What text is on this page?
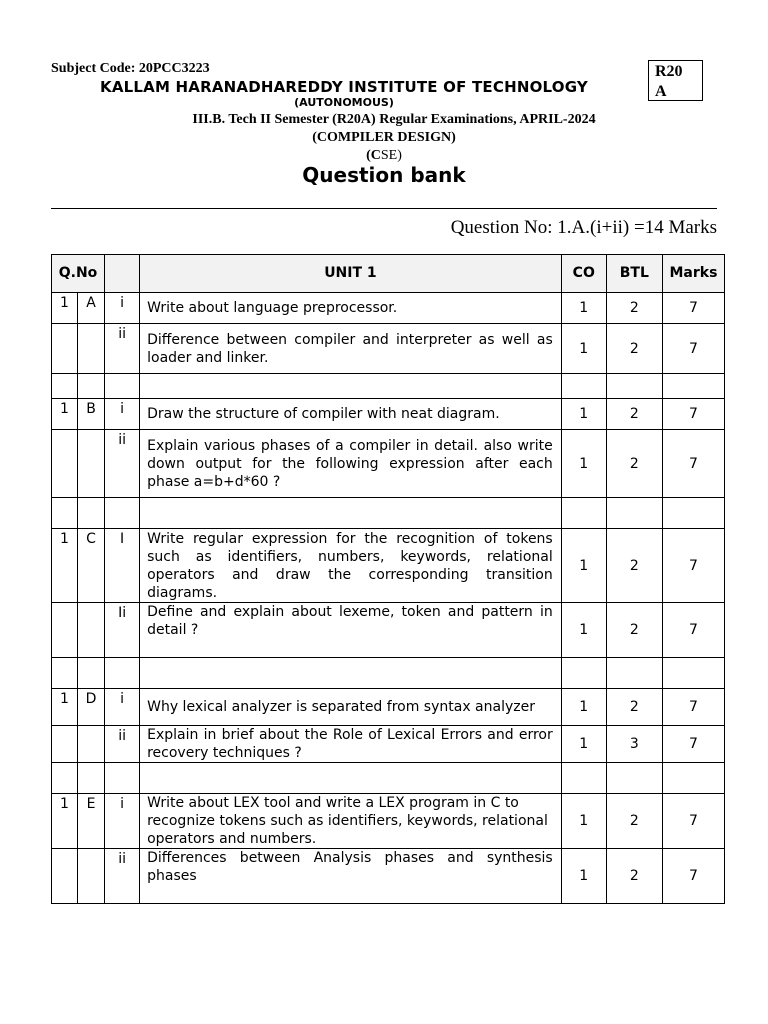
Subject Code: 20PCC3223	R20
A
KALLAM HARANADHAREDDY INSTITUTE OF TECHNOLOGY
(AUTONOMOUS)
III.B. Tech II Semester (R20A) Regular Examinations, APRIL-2024
(COMPILER DESIGN)
(CSE)
Question bank
Question No: 1.A.(i+ii) =14 Marks
Q.No			UNIT 1	CO	BTL	Marks
1	A	i	Write about language preprocessor.	1	2	7
		ii	Difference between compiler and interpreter as well as loader and linker.	1	2	7

1	B	i	Draw the structure of compiler with neat diagram.	1	2	7
		ii	Explain various phases of a compiler in detail. also write down output for the following expression after each phase a=b+d*60 ?	1	2	7

1	C	I	Write regular expression for the recognition of tokens such as identifiers, numbers, keywords, relational operators and draw the corresponding transition diagrams.	1	2	7
		Ii	Define and explain about lexeme, token and pattern in detail ?	1	2	7

1	D	i	Why lexical analyzer is separated from syntax analyzer	1	2	7
		ii	Explain in brief about the Role of Lexical Errors and error recovery techniques ?	1	3	7

1	E	i	Write about LEX tool and write a LEX program in C to recognize tokens such as identifiers, keywords, relational operators and numbers.	1	2	7
		ii	Differences between Analysis phases and synthesis phases	1	2	7
